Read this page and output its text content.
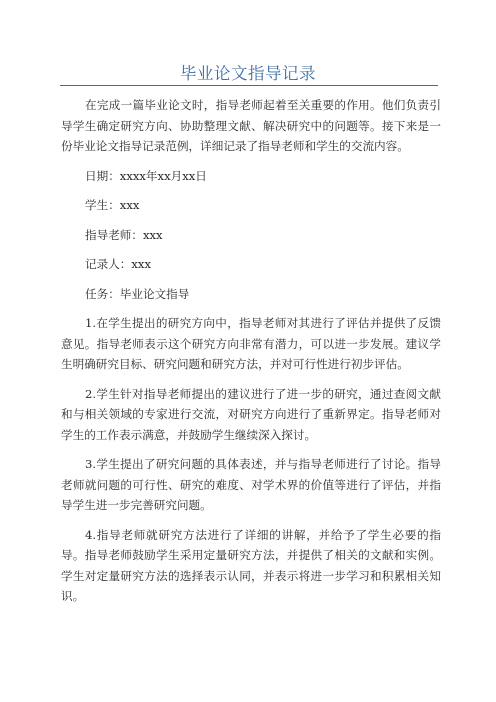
毕业论文指导记录

在完成一篇毕业论文时，指导老师起着至关重要的作用。他们负责引导学生确定研究方向、协助整理文献、解决研究中的问题等。接下来是一份毕业论文指导记录范例，详细记录了指导老师和学生的交流内容。

日期：xxxx年xx月xx日

学生：xxx

指导老师：xxx

记录人：xxx

任务：毕业论文指导

1.在学生提出的研究方向中，指导老师对其进行了评估并提供了反馈意见。指导老师表示这个研究方向非常有潜力，可以进一步发展。建议学生明确研究目标、研究问题和研究方法，并对可行性进行初步评估。

2.学生针对指导老师提出的建议进行了进一步的研究，通过查阅文献和与相关领域的专家进行交流，对研究方向进行了重新界定。指导老师对学生的工作表示满意，并鼓励学生继续深入探讨。

3.学生提出了研究问题的具体表述，并与指导老师进行了讨论。指导老师就问题的可行性、研究的难度、对学术界的价值等进行了评估，并指导学生进一步完善研究问题。

4.指导老师就研究方法进行了详细的讲解，并给予了学生必要的指导。指导老师鼓励学生采用定量研究方法，并提供了相关的文献和实例。学生对定量研究方法的选择表示认同，并表示将进一步学习和积累相关知识。
